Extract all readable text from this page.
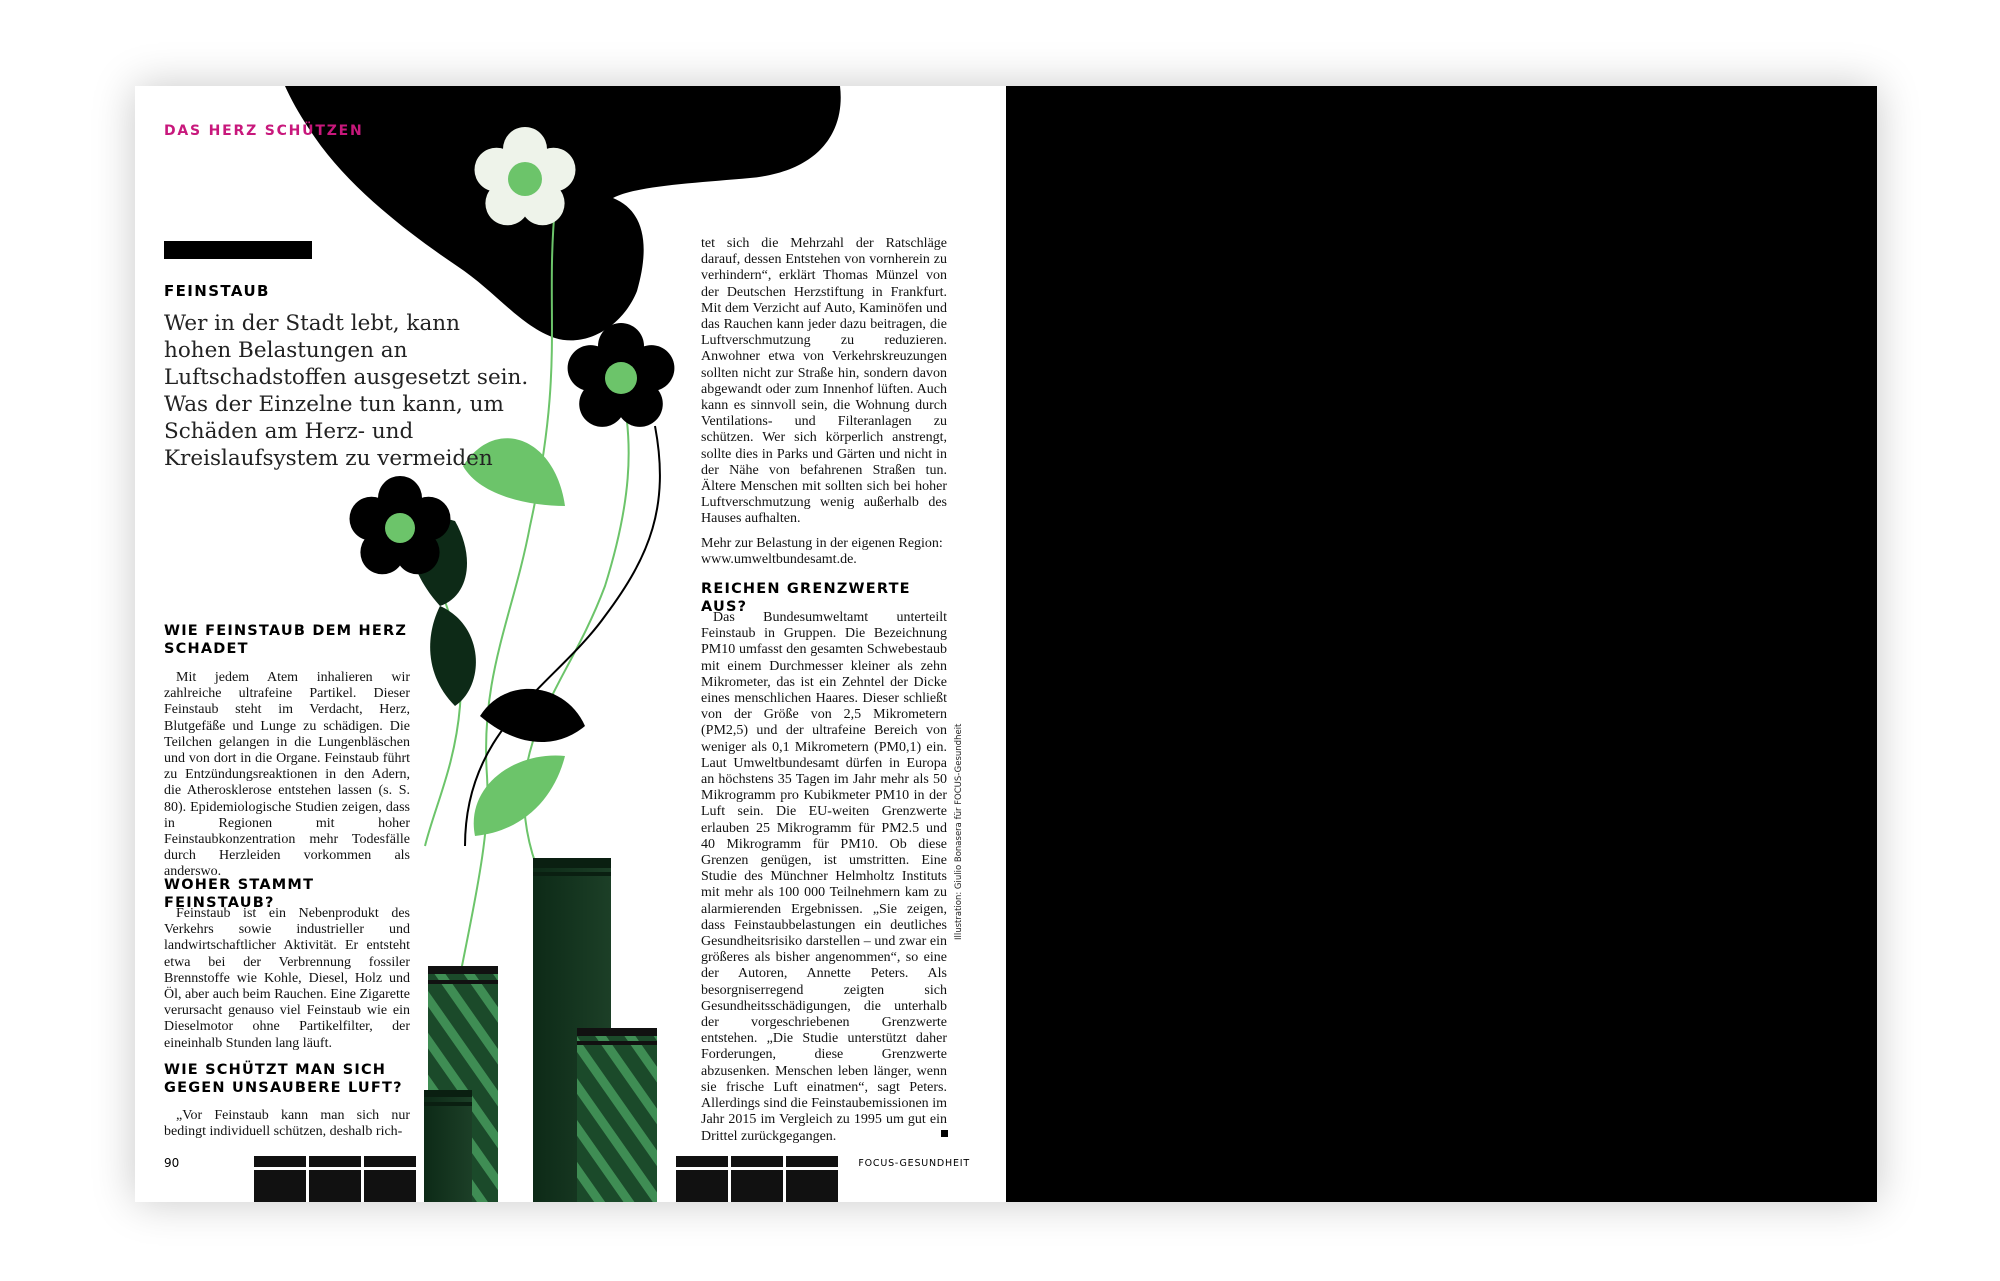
DAS HERZ SCHÜTZEN

FEINSTAUB

Wer in der Stadt lebt, kann hohen Belastungen an Luftschadstoffen ausgesetzt sein. Was der Einzelne tun kann, um Schäden am Herz- und Kreislaufsystem zu vermeiden

WIE FEINSTAUB DEM HERZ SCHADET

Mit jedem Atem inhalieren wir zahlreiche ultrafeine Partikel. Dieser Feinstaub steht im Verdacht, Herz, Blutgefäße und Lunge zu schädigen. Die Teilchen gelangen in die Lungenbläschen und von dort in die Organe. Feinstaub führt zu Entzündungsreaktionen in den Adern, die Atherosklerose entstehen lassen (s. S. 80). Epidemiologische Studien zeigen, dass in Regionen mit hoher Feinstaubkonzentration mehr Todesfälle durch Herzleiden vorkommen als anderswo.

WOHER STAMMT FEINSTAUB?

Feinstaub ist ein Nebenprodukt des Verkehrs sowie industrieller und landwirtschaftlicher Aktivität. Er entsteht etwa bei der Verbrennung fossiler Brennstoffe wie Kohle, Diesel, Holz und Öl, aber auch beim Rauchen. Eine Zigarette verursacht genauso viel Feinstaub wie ein Dieselmotor ohne Partikelfilter, der eineinhalb Stunden lang läuft.

WIE SCHÜTZT MAN SICH GEGEN UNSAUBERE LUFT?

„Vor Feinstaub kann man sich nur bedingt individuell schützen, deshalb rich-

tet sich die Mehrzahl der Ratschläge darauf, dessen Entstehen von vornherein zu verhindern“, erklärt Thomas Münzel von der Deutschen Herzstiftung in Frankfurt. Mit dem Verzicht auf Auto, Kaminöfen und das Rauchen kann jeder dazu beitragen, die Luftverschmutzung zu reduzieren. Anwohner etwa von Verkehrskreuzungen sollten nicht zur Straße hin, sondern davon abgewandt oder zum Innenhof lüften. Auch kann es sinnvoll sein, die Wohnung durch Ventilations- und Filteranlagen zu schützen. Wer sich körperlich anstrengt, sollte dies in Parks und Gärten und nicht in der Nähe von befahrenen Straßen tun. Ältere Menschen mit sollten sich bei hoher Luftverschmutzung wenig außerhalb des Hauses aufhalten.

Mehr zur Belastung in der eigenen Region: www.umweltbundesamt.de.

REICHEN GRENZWERTE AUS?

Das Bundesumweltamt unterteilt Feinstaub in Gruppen. Die Bezeichnung PM10 umfasst den gesamten Schwebestaub mit einem Durchmesser kleiner als zehn Mikrometer, das ist ein Zehntel der Dicke eines menschlichen Haares. Dieser schließt von der Größe von 2,5 Mikrometern (PM2,5) und der ultrafeine Bereich von weniger als 0,1 Mikrometern (PM0,1) ein. Laut Umweltbundesamt dürfen in Europa an höchstens 35 Tagen im Jahr mehr als 50 Mikrogramm pro Kubikmeter PM10 in der Luft sein. Die EU-weiten Grenzwerte erlauben 25 Mikrogramm für PM2.5 und 40 Mikrogramm für PM10. Ob diese Grenzen genügen, ist umstritten. Eine Studie des Münchner Helmholtz Instituts mit mehr als 100 000 Teilnehmern kam zu alarmierenden Ergebnissen. „Sie zeigen, dass Feinstaubbelastungen ein deutliches Gesundheitsrisiko darstellen – und zwar ein größeres als bisher angenommen“, so eine der Autoren, Annette Peters. Als besorgniserregend zeigten sich Gesundheitsschädigungen, die unterhalb der vorgeschriebenen Grenzwerte entstehen. „Die Studie unterstützt daher Forderungen, diese Grenzwerte abzusenken. Menschen leben länger, wenn sie frische Luft einatmen“, sagt Peters. Allerdings sind die Feinstaubemissionen im Jahr 2015 im Vergleich zu 1995 um gut ein Drittel zurückgegangen.

Illustration: Giulio Bonasera für FOCUS-Gesundheit

90	FOCUS-GESUNDHEIT
